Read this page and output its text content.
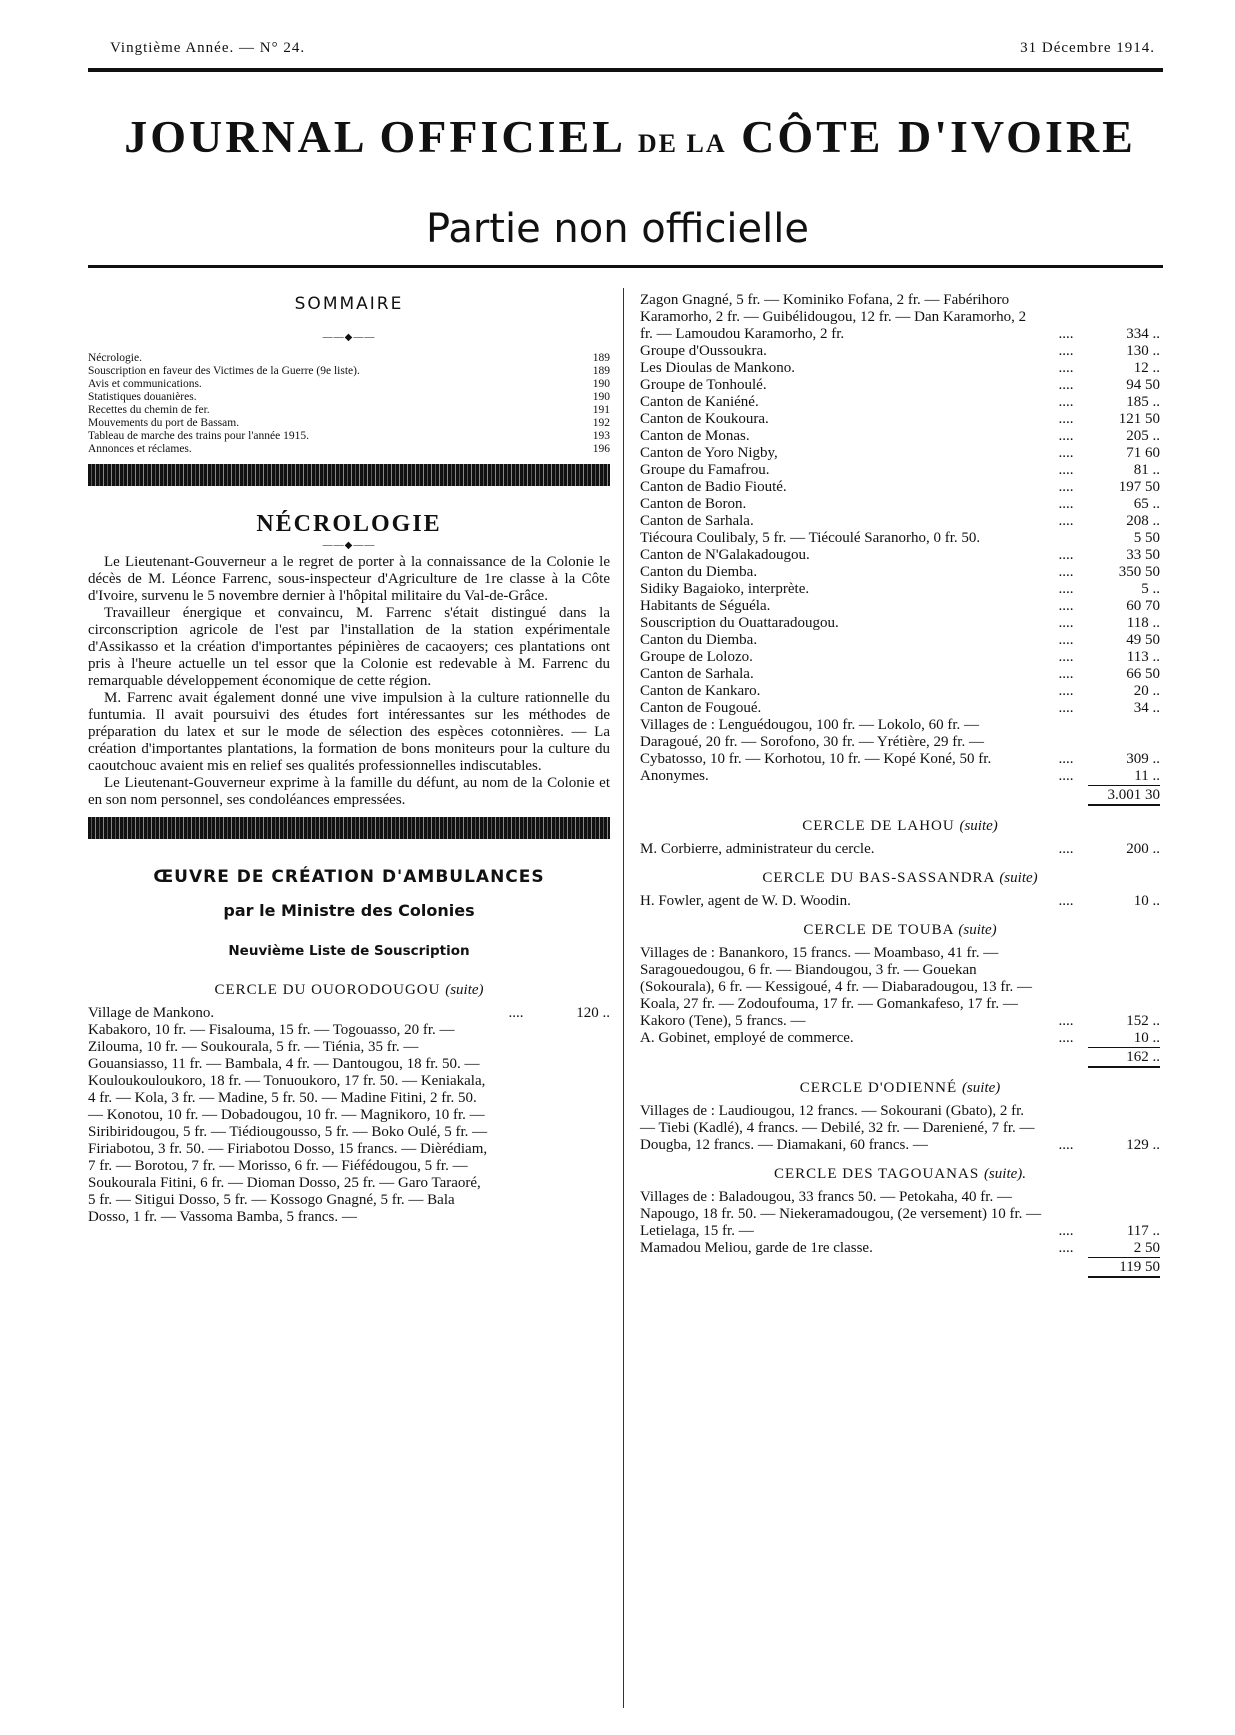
Vingtième Année. — N° 24.	31 Décembre 1914.
JOURNAL OFFICIEL DE LA CÔTE D'IVOIRE
Partie non officielle
SOMMAIRE
——◆——
Nécrologie.	189
Souscription en faveur des Victimes de la Guerre (9e liste).	189
Avis et communications.	190
Statistiques douanières.	190
Recettes du chemin de fer.	191
Mouvements du port de Bassam.	192
Tableau de marche des trains pour l'année 1915.	193
Annonces et réclames.	196
NÉCROLOGIE
——◆——

Le Lieutenant-Gouverneur a le regret de porter à la connaissance de la Colonie le décès de M. Léonce Farrenc, sous-inspecteur d'Agriculture de 1re classe à la Côte d'Ivoire, survenu le 5 novembre dernier à l'hôpital militaire du Val-de-Grâce.

Travailleur énergique et convaincu, M. Farrenc s'était distingué dans la circonscription agricole de l'est par l'installation de la station expérimentale d'Assikasso et la création d'importantes pépinières de cacaoyers; ces plantations ont pris à l'heure actuelle un tel essor que la Colonie est redevable à M. Farrenc du remarquable développement économique de cette région.

M. Farrenc avait également donné une vive impulsion à la culture rationnelle du funtumia. Il avait poursuivi des études fort intéressantes sur les méthodes de préparation du latex et sur le mode de sélection des espèces cotonnières. — La création d'importantes plantations, la formation de bons moniteurs pour la culture du caoutchouc avaient mis en relief ses qualités professionnelles indiscutables.

Le Lieutenant-Gouverneur exprime à la famille du défunt, au nom de la Colonie et en son nom personnel, ses condoléances empressées.

ŒUVRE DE CRÉATION D'AMBULANCES
par le Ministre des Colonies
Neuvième Liste de Souscription
CERCLE DU OUORODOUGOU (suite)
Village de Mankono.	....	120 ..
Kabakoro, 10 fr. — Fisalouma, 15 fr. — Togouasso, 20 fr. — Zilouma, 10 fr. — Soukourala, 5 fr. — Tiénia, 35 fr. — Gouansiasso, 11 fr. — Bambala, 4 fr. — Dantougou, 18 fr. 50. — Kouloukouloukoro, 18 fr. — Tonuoukoro, 17 fr. 50. — Keniakala, 4 fr. — Kola, 3 fr. — Madine, 5 fr. 50. — Madine Fitini, 2 fr. 50. — Konotou, 10 fr. — Dobadougou, 10 fr. — Magnikoro, 10 fr. — Siribiridougou, 5 fr. — Tiédiougousso, 5 fr. — Boko Oulé, 5 fr. — Firiabotou, 3 fr. 50. — Firiabotou Dosso, 15 francs. — Dièrédiam, 7 fr. — Borotou, 7 fr. — Morisso, 6 fr. — Fiéfédougou, 5 fr. — Soukourala Fitini, 6 fr. — Dioman Dosso, 25 fr. — Garo Taraoré, 5 fr. — Sitigui Dosso, 5 fr. — Kossogo Gnagné, 5 fr. — Bala Dosso, 1 fr. — Vassoma Bamba, 5 francs. —
Zagon Gnagné, 5 fr. — Kominiko Fofana, 2 fr. — Fabérihoro Karamorho, 2 fr. — Guibélidougou, 12 fr. — Dan Karamorho, 2 fr. — Lamoudou Karamorho, 2 fr.	....	334 ..
Groupe d'Oussoukra.	....	130 ..
Les Dioulas de Mankono.	....	12 ..
Groupe de Tonhoulé.	....	94 50
Canton de Kaniéné.	....	185 ..
Canton de Koukoura.	....	121 50
Canton de Monas.	....	205 ..
Canton de Yoro Nigby,	....	71 60
Groupe du Famafrou.	....	81 ..
Canton de Badio Fiouté.	....	197 50
Canton de Boron.	....	65 ..
Canton de Sarhala.	....	208 ..
Tiécoura Coulibaly, 5 fr. — Tiécoulé Saranorho, 0 fr. 50.	5 50
Canton de N'Galakadougou.	....	33 50
Canton du Diemba.	....	350 50
Sidiky Bagaioko, interprète.	....	5 ..
Habitants de Séguéla.	....	60 70
Souscription du Ouattaradougou.	....	118 ..
Canton du Diemba.	....	49 50
Groupe de Lolozo.	....	113 ..
Canton de Sarhala.	....	66 50
Canton de Kankaro.	....	20 ..
Canton de Fougoué.	....	34 ..
Villages de : Lenguédougou, 100 fr. — Lokolo, 60 fr. — Daragoué, 20 fr. — Sorofono, 30 fr. — Yrétière, 29 fr. — Cybatosso, 10 fr. — Korhotou, 10 fr. — Kopé Koné, 50 fr.	....	309 ..
Anonymes.	....	11 ..
3.001 30
CERCLE DE LAHOU (suite)
M. Corbierre, administrateur du cercle.	....	200 ..
CERCLE DU BAS-SASSANDRA (suite)
H. Fowler, agent de W. D. Woodin.	....	10 ..
CERCLE DE TOUBA (suite)
Villages de : Banankoro, 15 francs. — Moambaso, 41 fr. — Saragouedougou, 6 fr. — Biandougou, 3 fr. — Gouekan (Sokourala), 6 fr. — Kessigoué, 4 fr. — Diabaradougou, 13 fr. — Koala, 27 fr. — Zodoufouma, 17 fr. — Gomankafeso, 17 fr. — Kakoro (Tene), 5 francs. —	....	152 ..
A. Gobinet, employé de commerce.	....	10 ..
162 ..
CERCLE D'ODIENNÉ (suite)
Villages de : Laudiougou, 12 francs. — Sokourani (Gbato), 2 fr. — Tiebi (Kadlé), 4 francs. — Debilé, 32 fr. — Dareniené, 7 fr. — Dougba, 12 francs. — Diamakani, 60 francs. —	....	129 ..
CERCLE DES TAGOUANAS (suite).
Villages de : Baladougou, 33 francs 50. — Petokaha, 40 fr. — Napougo, 18 fr. 50. — Niekeramadougou, (2e versement) 10 fr. — Letielaga, 15 fr. —	....	117 ..
Mamadou Meliou, garde de 1re classe.	....	2 50
119 50
